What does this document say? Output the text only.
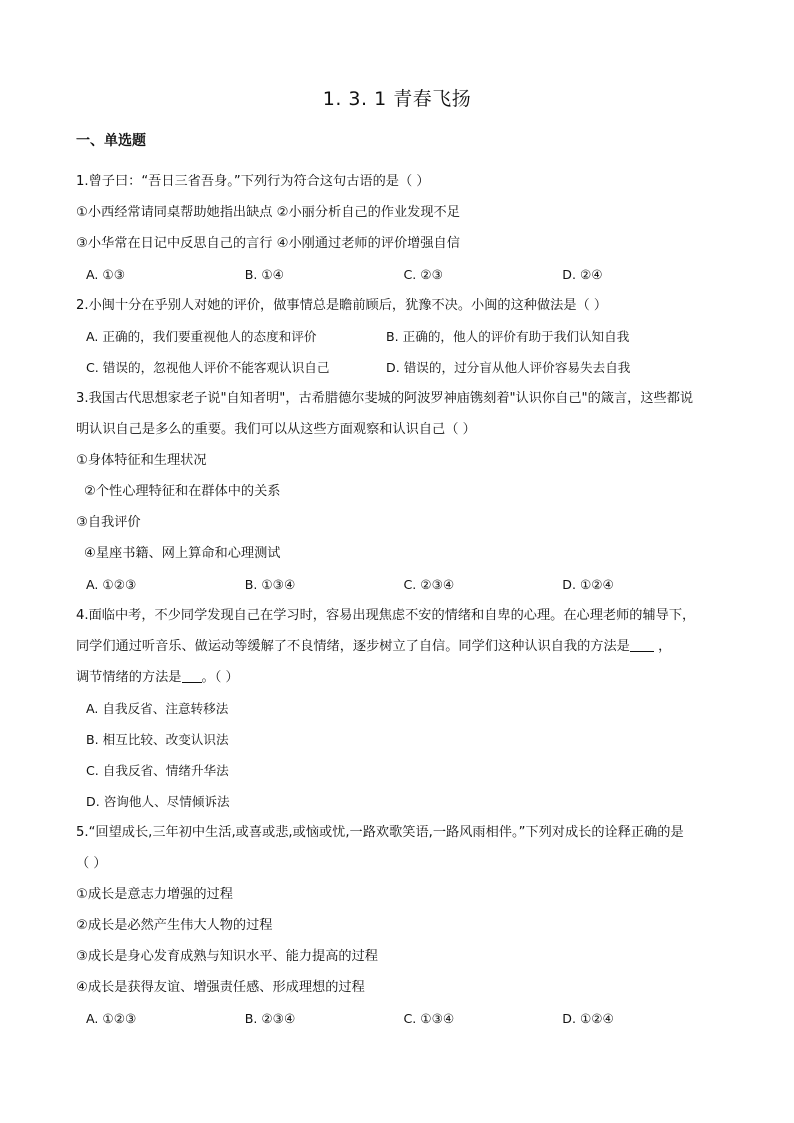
1. 3. 1 青春飞扬
一、单选题
1.曾子曰：“吾日三省吾身。”下列行为符合这句古语的是（ ）
①小西经常请同桌帮助她指出缺点 ②小丽分析自己的作业发现不足
③小华常在日记中反思自己的言行 ④小刚通过老师的评价增强自信
A. ①③	B. ①④	C. ②③	D. ②④
2.小闽十分在乎别人对她的评价，做事情总是瞻前顾后，犹豫不决。小闽的这种做法是（ ）
A. 正确的，我们要重视他人的态度和评价	B. 正确的，他人的评价有助于我们认知自我
C. 错误的，忽视他人评价不能客观认识自己	D. 错误的，过分盲从他人评价容易失去自我
3.我国古代思想家老子说"自知者明"，古希腊德尔斐城的阿波罗神庙镌刻着"认识你自己"的箴言，这些都说
明认识自己是多么的重要。我们可以从这些方面观察和认识自己（ ）
①身体特征和生理状况
②个性心理特征和在群体中的关系
③自我评价
④星座书籍、网上算命和心理测试
A. ①②③	B. ①③④	C. ②③④	D. ①②④
4.面临中考，不少同学发现自己在学习时，容易出现焦虑不安的情绪和自卑的心理。在心理老师的辅导下，
同学们通过听音乐、做运动等缓解了不良情绪，逐步树立了自信。同学们这种认识自我的方法是 ，
调节情绪的方法是 。（ ）
A. 自我反省、注意转移法
B. 相互比较、改变认识法
C. 自我反省、情绪升华法
D. 咨询他人、尽情倾诉法
5.“回望成长,三年初中生活,或喜或悲,或恼或忧,一路欢歌笑语,一路风雨相伴。”下列对成长的诠释正确的是
（ ）
①成长是意志力增强的过程
②成长是必然产生伟大人物的过程
③成长是身心发育成熟与知识水平、能力提高的过程
④成长是获得友谊、增强责任感、形成理想的过程
A. ①②③	B. ②③④	C. ①③④	D. ①②④
